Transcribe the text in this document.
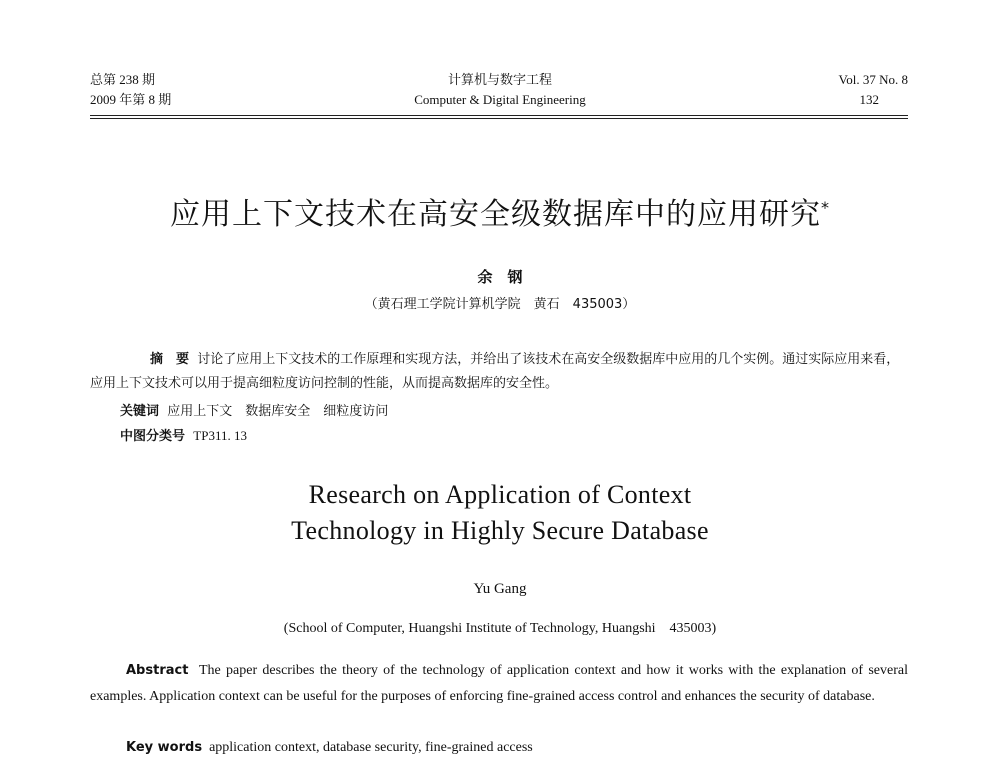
总第 238 期
2009 年第 8 期
计算机与数字工程
Computer & Digital Engineering
Vol. 37 No. 8
132
应用上下文技术在高安全级数据库中的应用研究*
余　钢
（黄石理工学院计算机学院　黄石　435003）
摘　要 讨论了应用上下文技术的工作原理和实现方法，并给出了该技术在高安全级数据库中应用的几个实例。通过实际应用来看，应用上下文技术可以用于提高细粒度访问控制的性能，从而提高数据库的安全性。
关键词 应用上下文　数据库安全　细粒度访问
中图分类号 TP311. 13
Research on Application of Context
Technology in Highly Secure Database
Yu Gang
(School of Computer, Huangshi Institute of Technology, Huangshi　435003)
Abstract The paper describes the theory of the technology of application context and how it works with the explanation of several examples. Application context can be useful for the purposes of enforcing fine-grained access control and enhances the security of database.
Key words application context, database security, fine-grained access
